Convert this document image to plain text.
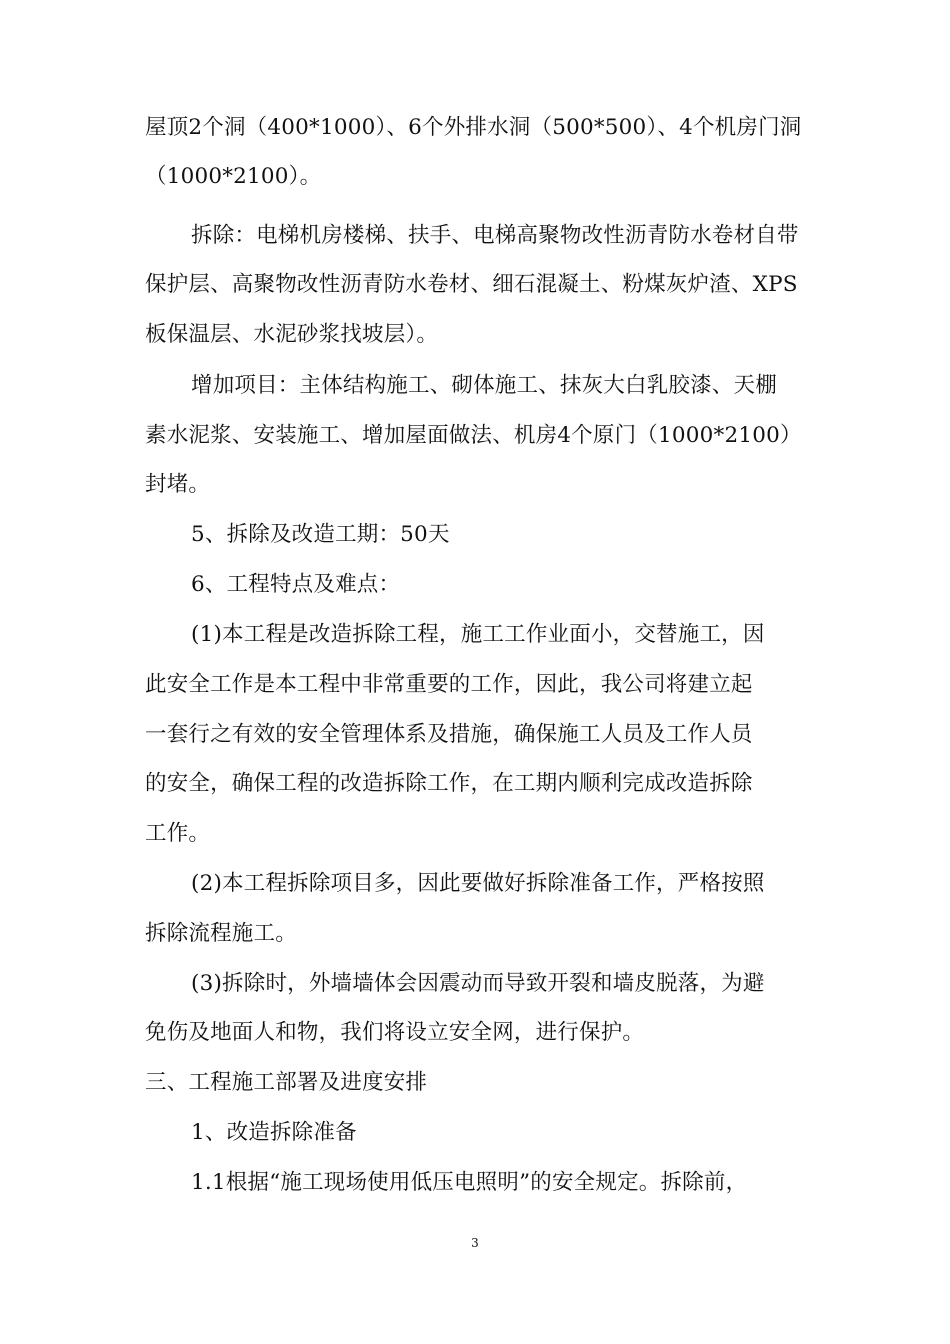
屋顶2个洞（400*1000）、6个外排水洞（500*500）、4个机房门洞
（1000*2100）。
拆除：电梯机房楼梯、扶手、电梯高聚物改性沥青防水卷材自带
保护层、高聚物改性沥青防水卷材、细石混凝土、粉煤灰炉渣、XPS
板保温层、水泥砂浆找坡层）。
增加项目：主体结构施工、砌体施工、抹灰大白乳胶漆、天棚
素水泥浆、安装施工、增加屋面做法、机房4个原门（1000*2100）
封堵。
5、拆除及改造工期：50天
6、工程特点及难点：
(1)本工程是改造拆除工程，施工工作业面小，交替施工，因
此安全工作是本工程中非常重要的工作，因此，我公司将建立起
一套行之有效的安全管理体系及措施，确保施工人员及工作人员
的安全，确保工程的改造拆除工作，在工期内顺利完成改造拆除
工作。
(2)本工程拆除项目多，因此要做好拆除准备工作，严格按照
拆除流程施工。
(3)拆除时，外墙墙体会因震动而导致开裂和墙皮脱落，为避
免伤及地面人和物，我们将设立安全网，进行保护。
三、工程施工部署及进度安排
1、改造拆除准备
1.1根据“施工现场使用低压电照明”的安全规定。拆除前，
3
